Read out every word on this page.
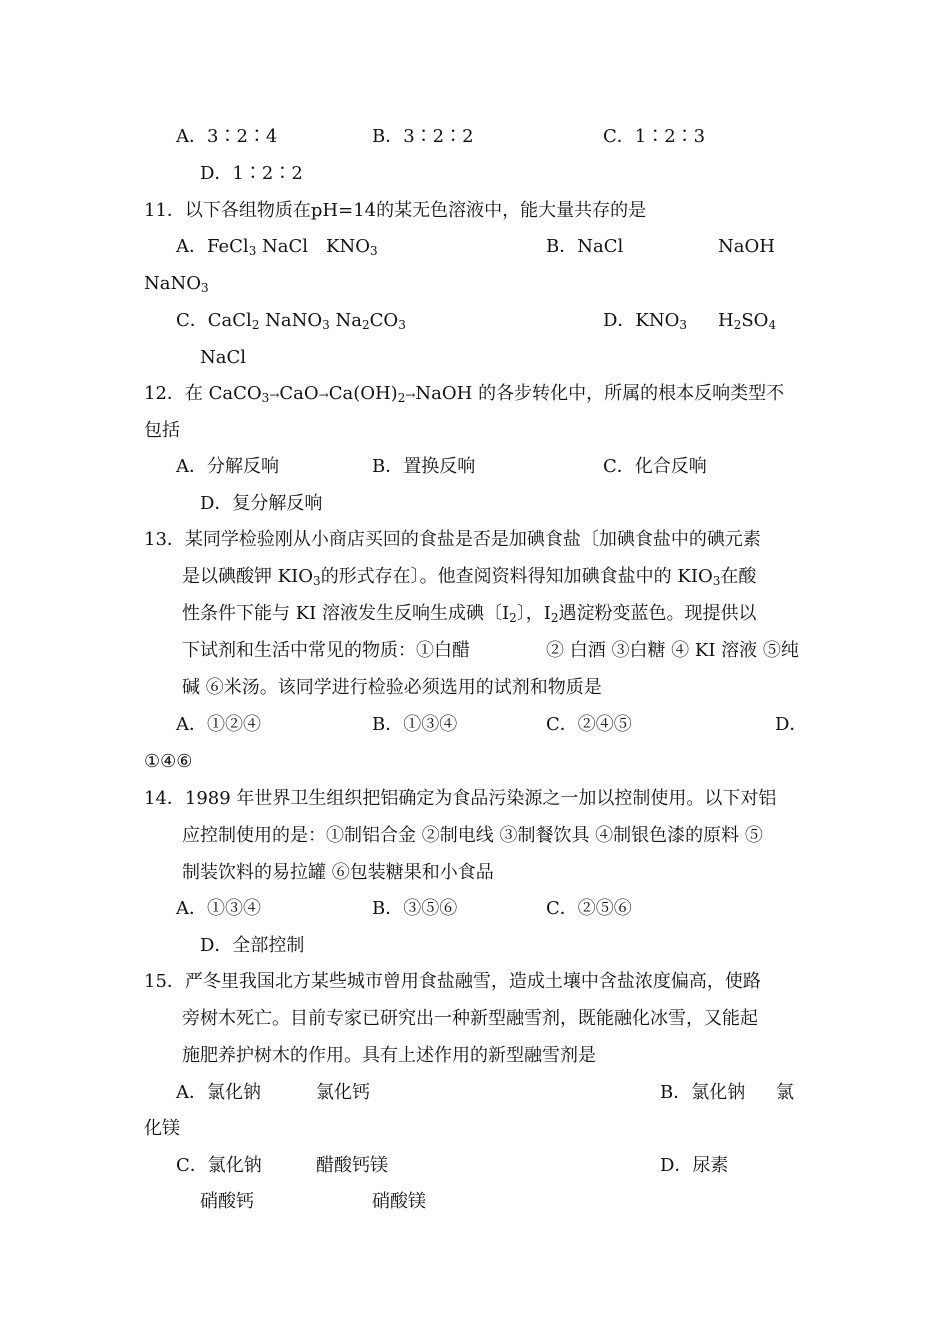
A．3∶2∶4	B．3∶2∶2	C．1∶2∶3
D．1∶2∶2
11．以下各组物质在pH=14的某无色溶液中，能大量共存的是
A．FeCl$_3$ NaCl　$KNO_3$	B．NaCl	NaOH
NaNO$_3$
C．CaCl$_2$ NaNO$_3$ $Na_2CO_3$	D．$KNO_3$ $H_2SO_4$
NaCl
12．在 $CaCO_3\to CaO\to Ca(OH)_2\to NaOH$ 的各步转化中，所属的根本反响类型不
包括
A．分解反响	B．置换反响	C．化合反响
D．复分解反响
13．某同学检验刚从小商店买回的食盐是否是加碘食盐〔加碘食盐中的碘元素
是以碘酸钾 $KIO_3$的形式存在〕。他查阅资料得知加碘食盐中的 $KIO_3$在酸
性条件下能与 KI 溶液发生反响生成碘〔$I_2$〕，$I_2$遇淀粉变蓝色。现提供以
下试剂和生活中常见的物质：①白醋	② 白酒 ③白糖 ④ KI 溶液 ⑤纯
碱 ⑥米汤。该同学进行检验必须选用的试剂和物质是
A．①②④	B．①③④	C．②④⑤	D．
①④⑥
14．1989 年世界卫生组织把铝确定为食品污染源之一加以控制使用。以下对铝
应控制使用的是：①制铝合金 ②制电线 ③制餐饮具 ④制银色漆的原料 ⑤
制装饮料的易拉罐 ⑥包装糖果和小食品
A．①③④	B．③⑤⑥	C．②⑤⑥
D．全部控制
15．严冬里我国北方某些城市曾用食盐融雪，造成土壤中含盐浓度偏高，使路
旁树木死亡。目前专家已研究出一种新型融雪剂，既能融化冰雪，又能起
施肥养护树木的作用。具有上述作用的新型融雪剂是
A．氯化钠	氯化钙	B．氯化钠 氯
化镁
C．氯化钠	醋酸钙镁	D．尿素
硝酸钙	硝酸镁
